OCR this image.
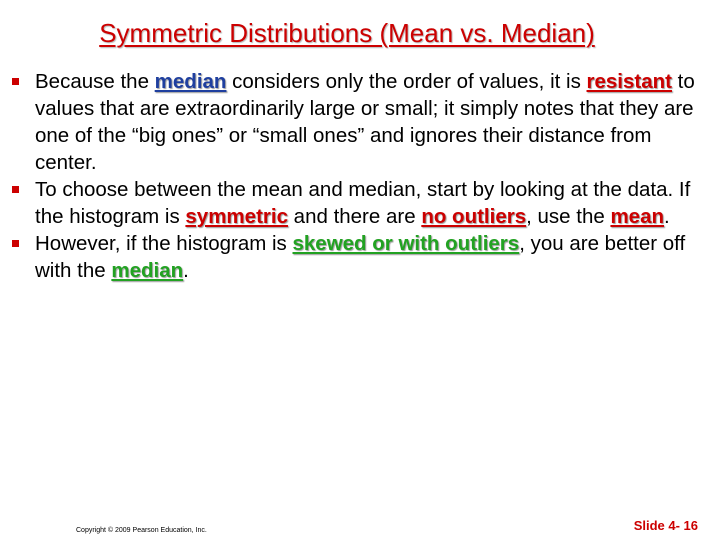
Symmetric Distributions (Mean vs. Median)
Because the median considers only the order of values, it is resistant to values that are extraordinarily large or small; it simply notes that they are one of the “big ones” or “small ones” and ignores their distance from center.
To choose between the mean and median, start by looking at the data. If the histogram is symmetric and there are no outliers, use the mean.
However, if the histogram is skewed or with outliers, you are better off with the median.
Copyright © 2009 Pearson Education, Inc.	Slide 4- 16
